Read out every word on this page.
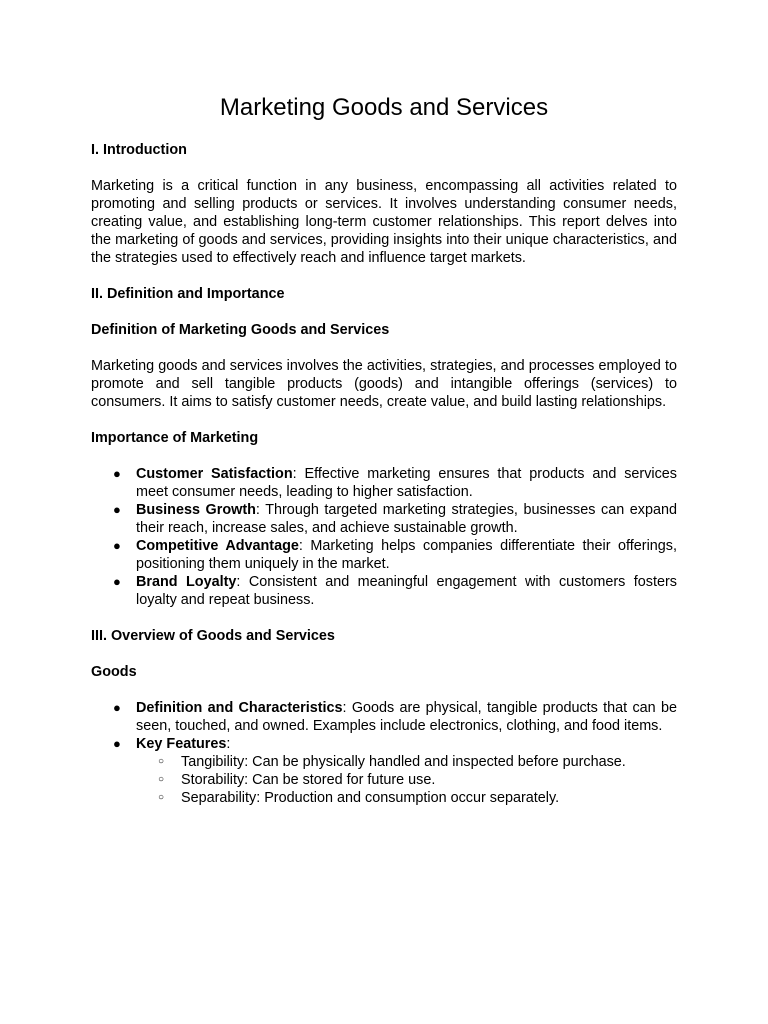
Marketing Goods and Services
I. Introduction

Marketing is a critical function in any business, encompassing all activities related to promoting and selling products or services. It involves understanding consumer needs, creating value, and establishing long-term customer relationships. This report delves into the marketing of goods and services, providing insights into their unique characteristics, and the strategies used to effectively reach and influence target markets.

II. Definition and Importance
Definition of Marketing Goods and Services

Marketing goods and services involves the activities, strategies, and processes employed to promote and sell tangible products (goods) and intangible offerings (services) to consumers. It aims to satisfy customer needs, create value, and build lasting relationships.

Importance of Marketing
● Customer Satisfaction: Effective marketing ensures that products and services meet consumer needs, leading to higher satisfaction.
● Business Growth: Through targeted marketing strategies, businesses can expand their reach, increase sales, and achieve sustainable growth.
● Competitive Advantage: Marketing helps companies differentiate their offerings, positioning them uniquely in the market.
● Brand Loyalty: Consistent and meaningful engagement with customers fosters loyalty and repeat business.
III. Overview of Goods and Services
Goods
● Definition and Characteristics: Goods are physical, tangible products that can be seen, touched, and owned. Examples include electronics, clothing, and food items.
● Key Features:
○ Tangibility: Can be physically handled and inspected before purchase.
○ Storability: Can be stored for future use.
○ Separability: Production and consumption occur separately.
